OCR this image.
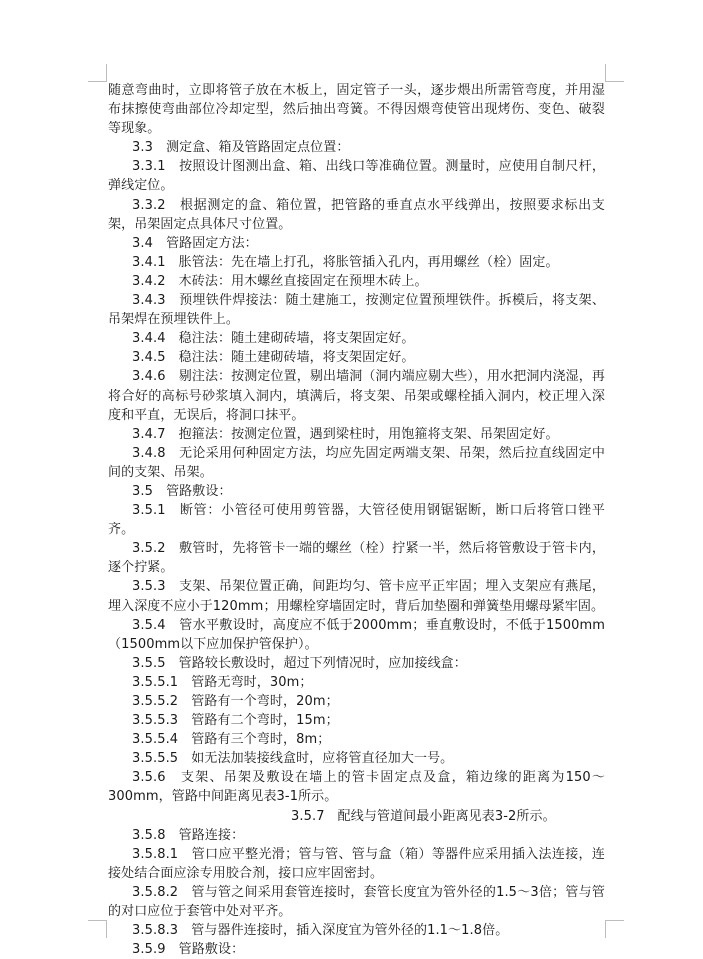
随意弯曲时，立即将管子放在木板上，固定管子一头，逐步煨出所需管弯度，并用湿布抹擦使弯曲部位冷却定型，然后抽出弯簧。不得因煨弯使管出现烤伤、变色、破裂等现象。

3.3　测定盒、箱及管路固定点位置：

3.3.1　按照设计图测出盒、箱、出线口等准确位置。测量时，应使用自制尺杆，弹线定位。

3.3.2　根据测定的盒、箱位置，把管路的垂直点水平线弹出，按照要求标出支架，吊架固定点具体尺寸位置。

3.4　管路固定方法：

3.4.1　胀管法：先在墙上打孔，将胀管插入孔内，再用螺丝（栓）固定。

3.4.2　木砖法：用木螺丝直接固定在预埋木砖上。

3.4.3　预埋铁件焊接法：随土建施工，按测定位置预埋铁件。拆模后，将支架、吊架焊在预埋铁件上。

3.4.4　稳注法：随土建砌砖墙，将支架固定好。

3.4.5　稳注法：随土建砌砖墙，将支架固定好。

3.4.6　剔注法：按测定位置，剔出墙洞（洞内端应剔大些），用水把洞内浇湿，再将合好的高标号砂浆填入洞内，填满后，将支架、吊架或螺栓插入洞内，校正埋入深度和平直，无误后，将洞口抹平。

3.4.7　抱箍法：按测定位置，遇到梁柱时，用饱箍将支架、吊架固定好。

3.4.8　无论采用何种固定方法，均应先固定两端支架、吊架，然后拉直线固定中间的支架、吊架。

3.5　管路敷设：

3.5.1　断管：小管径可使用剪管器，大管径使用钢锯锯断，断口后将管口锉平齐。

3.5.2　敷管时，先将管卡一端的螺丝（栓）拧紧一半，然后将管敷设于管卡内，逐个拧紧。

3.5.3　支架、吊架位置正确，间距均匀、管卡应平正牢固；埋入支架应有燕尾，埋入深度不应小于120mm；用螺栓穿墙固定时，背后加垫圈和弹簧垫用螺母紧牢固。

3.5.4　管水平敷设时，高度应不低于2000mm；垂直敷设时，不低于1500mm（1500mm以下应加保护管保护）。

3.5.5　管路较长敷设时，超过下列情况时，应加接线盒：

3.5.5.1　管路无弯时，30m；

3.5.5.2　管路有一个弯时，20m；

3.5.5.3　管路有二个弯时，15m；

3.5.5.4　管路有三个弯时，8m；

3.5.5.5　如无法加装接线盒时，应将管直径加大一号。

3.5.6　支架、吊架及敷设在墙上的管卡固定点及盒，箱边缘的距离为150～300mm，管路中间距离见表3-1所示。

3.5.7　配线与管道间最小距离见表3-2所示。

3.5.8　管路连接：

3.5.8.1　管口应平整光滑；管与管、管与盒（箱）等器件应采用插入法连接，连接处结合面应涂专用胶合剂，接口应牢固密封。

3.5.8.2　管与管之间采用套管连接时，套管长度宜为管外径的1.5～3倍；管与管的对口应位于套管中处对平齐。

3.5.8.3　管与器件连接时，插入深度宜为管外径的1.1～1.8倍。

3.5.9　管路敷设：
